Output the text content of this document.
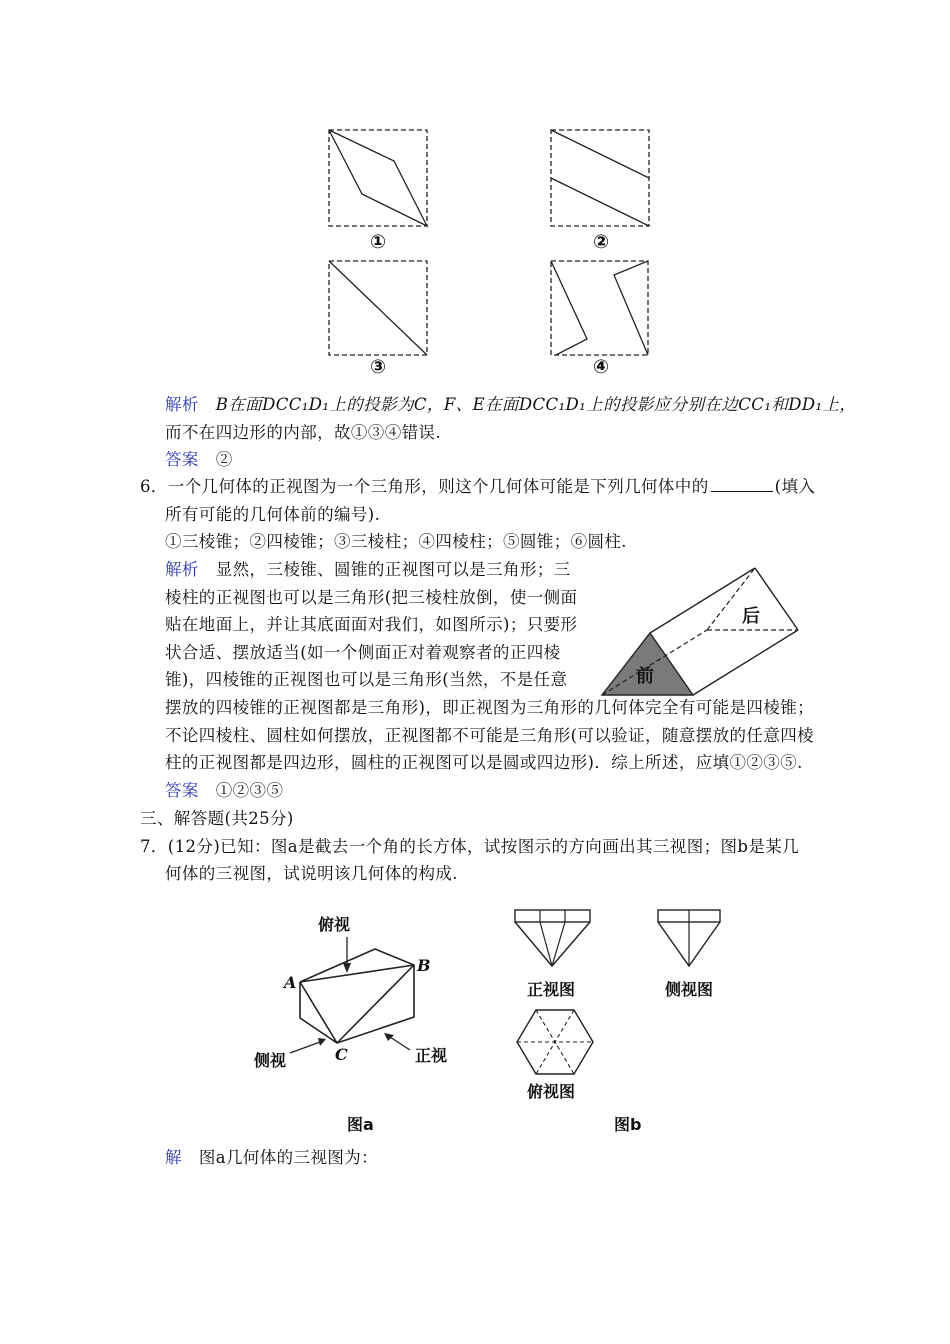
①	②
③	④
解析 B在面DCC₁D₁上的投影为C，F、E在面DCC₁D₁上的投影应分别在边CC₁和DD₁上，
而不在四边形的内部，故①③④错误.
答案 ②
6．一个几何体的正视图为一个三角形，则这个几何体可能是下列几何体中的	(填入
所有可能的几何体前的编号).
①三棱锥；②四棱锥；③三棱柱；④四棱柱；⑤圆锥；⑥圆柱.
解析 显然，三棱锥、圆锥的正视图可以是三角形；三
棱柱的正视图也可以是三角形(把三棱柱放倒，使一侧面
贴在地面上，并让其底面面对我们，如图所示)；只要形
状合适、摆放适当(如一个侧面正对着观察者的正四棱
锥)，四棱锥的正视图也可以是三角形(当然，不是任意
摆放的四棱锥的正视图都是三角形)，即正视图为三角形的几何体完全有可能是四棱锥；
不论四棱柱、圆柱如何摆放，正视图都不可能是三角形(可以验证，随意摆放的任意四棱
柱的正视图都是四边形，圆柱的正视图可以是圆或四边形)．综上所述，应填①②③⑤.
答案 ①②③⑤
后
前
三、解答题(共25分)
7．(12分)已知：图a是截去一个角的长方体，试按图示的方向画出其三视图；图b是某几
何体的三视图，试说明该几何体的构成.
俯视
侧视	正视
A
B
C
图a
正视图	侧视图
俯视图
图b
解 图a几何体的三视图为：
